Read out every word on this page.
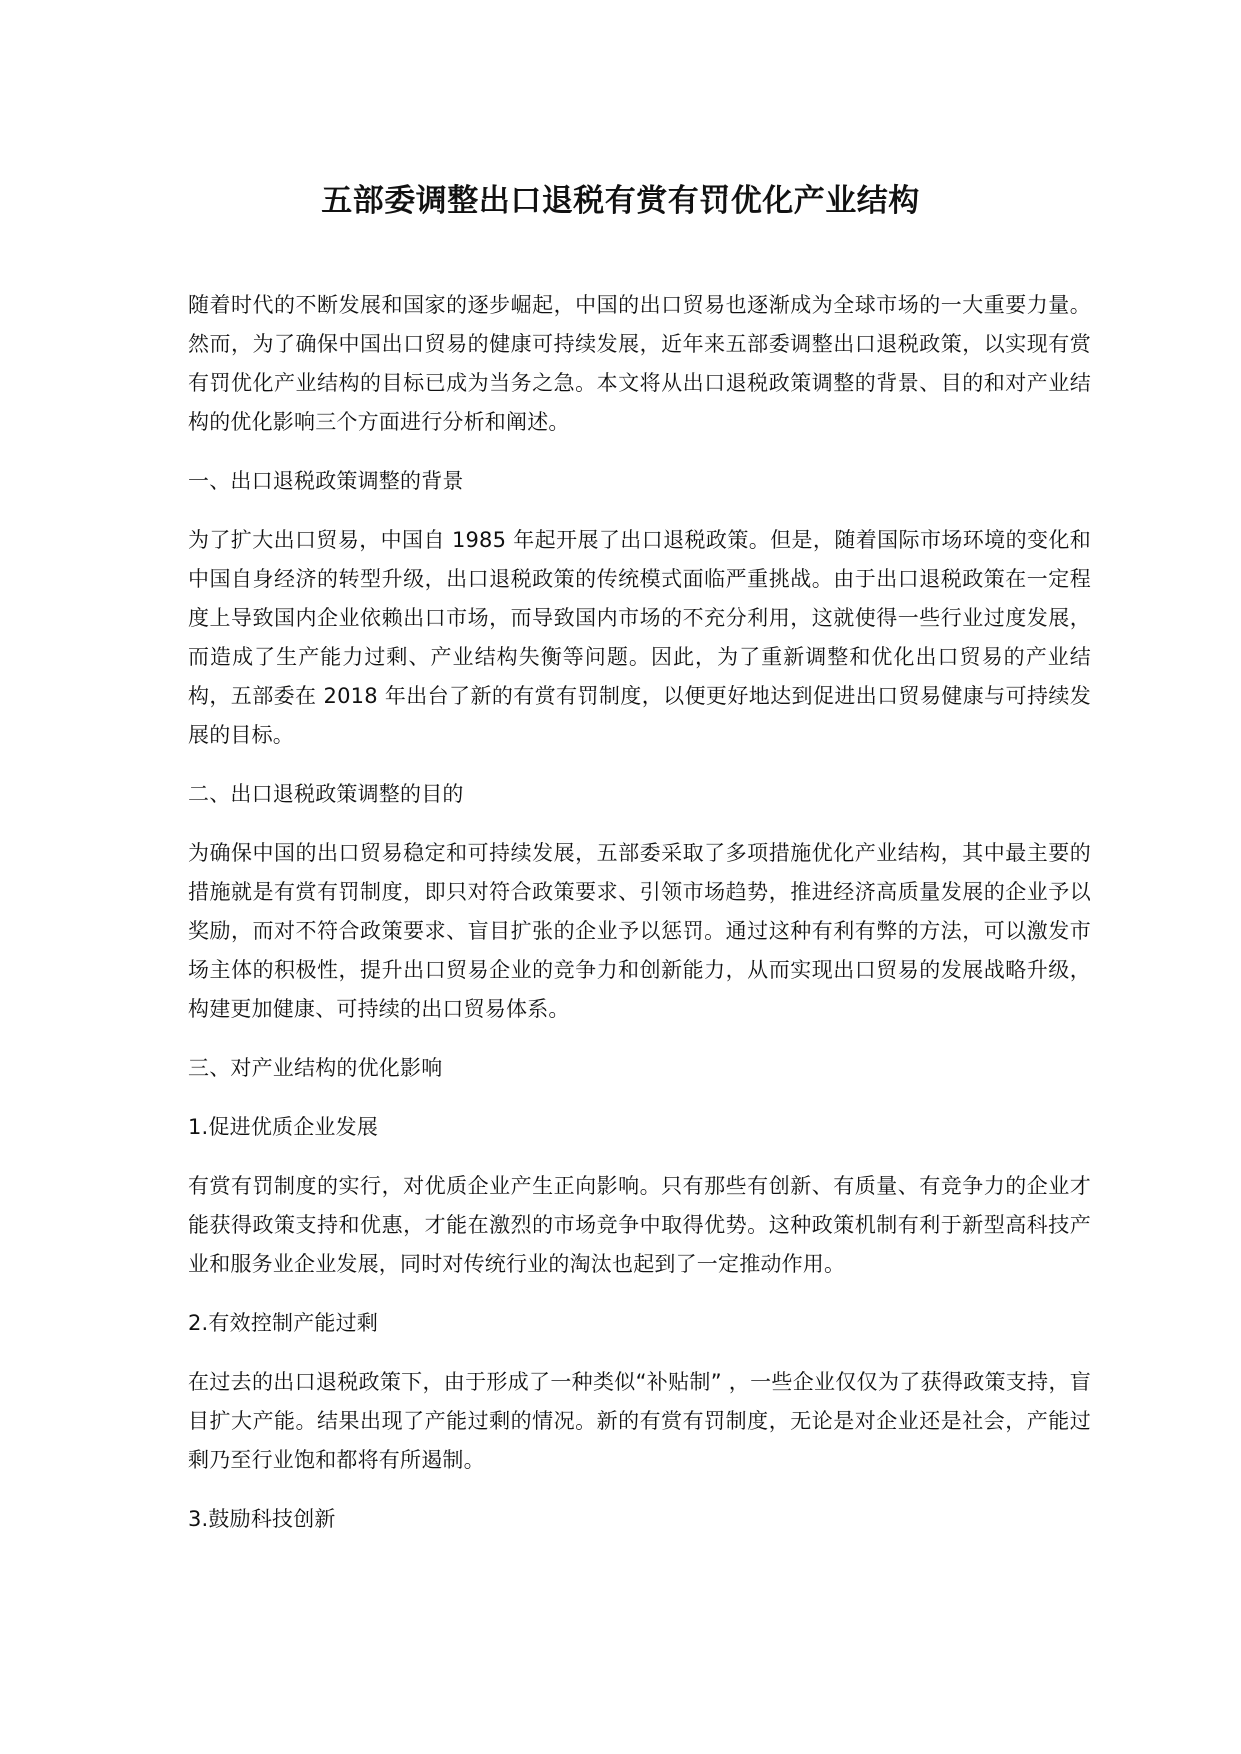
五部委调整出口退税有赏有罚优化产业结构

随着时代的不断发展和国家的逐步崛起，中国的出口贸易也逐渐成为全球市场的一大重要力量。然而，为了确保中国出口贸易的健康可持续发展，近年来五部委调整出口退税政策，以实现有赏有罚优化产业结构的目标已成为当务之急。本文将从出口退税政策调整的背景、目的和对产业结构的优化影响三个方面进行分析和阐述。

一、出口退税政策调整的背景

为了扩大出口贸易，中国自 1985 年起开展了出口退税政策。但是，随着国际市场环境的变化和中国自身经济的转型升级，出口退税政策的传统模式面临严重挑战。由于出口退税政策在一定程度上导致国内企业依赖出口市场，而导致国内市场的不充分利用，这就使得一些行业过度发展，而造成了生产能力过剩、产业结构失衡等问题。因此，为了重新调整和优化出口贸易的产业结构，五部委在 2018 年出台了新的有赏有罚制度，以便更好地达到促进出口贸易健康与可持续发展的目标。

二、出口退税政策调整的目的

为确保中国的出口贸易稳定和可持续发展，五部委采取了多项措施优化产业结构，其中最主要的措施就是有赏有罚制度，即只对符合政策要求、引领市场趋势，推进经济高质量发展的企业予以奖励，而对不符合政策要求、盲目扩张的企业予以惩罚。通过这种有利有弊的方法，可以激发市场主体的积极性，提升出口贸易企业的竞争力和创新能力，从而实现出口贸易的发展战略升级，构建更加健康、可持续的出口贸易体系。

三、对产业结构的优化影响

1.促进优质企业发展

有赏有罚制度的实行，对优质企业产生正向影响。只有那些有创新、有质量、有竞争力的企业才能获得政策支持和优惠，才能在激烈的市场竞争中取得优势。这种政策机制有利于新型高科技产业和服务业企业发展，同时对传统行业的淘汰也起到了一定推动作用。

2.有效控制产能过剩

在过去的出口退税政策下，由于形成了一种类似“补贴制” ，一些企业仅仅为了获得政策支持，盲目扩大产能。结果出现了产能过剩的情况。新的有赏有罚制度，无论是对企业还是社会，产能过剩乃至行业饱和都将有所遏制。

3.鼓励科技创新
